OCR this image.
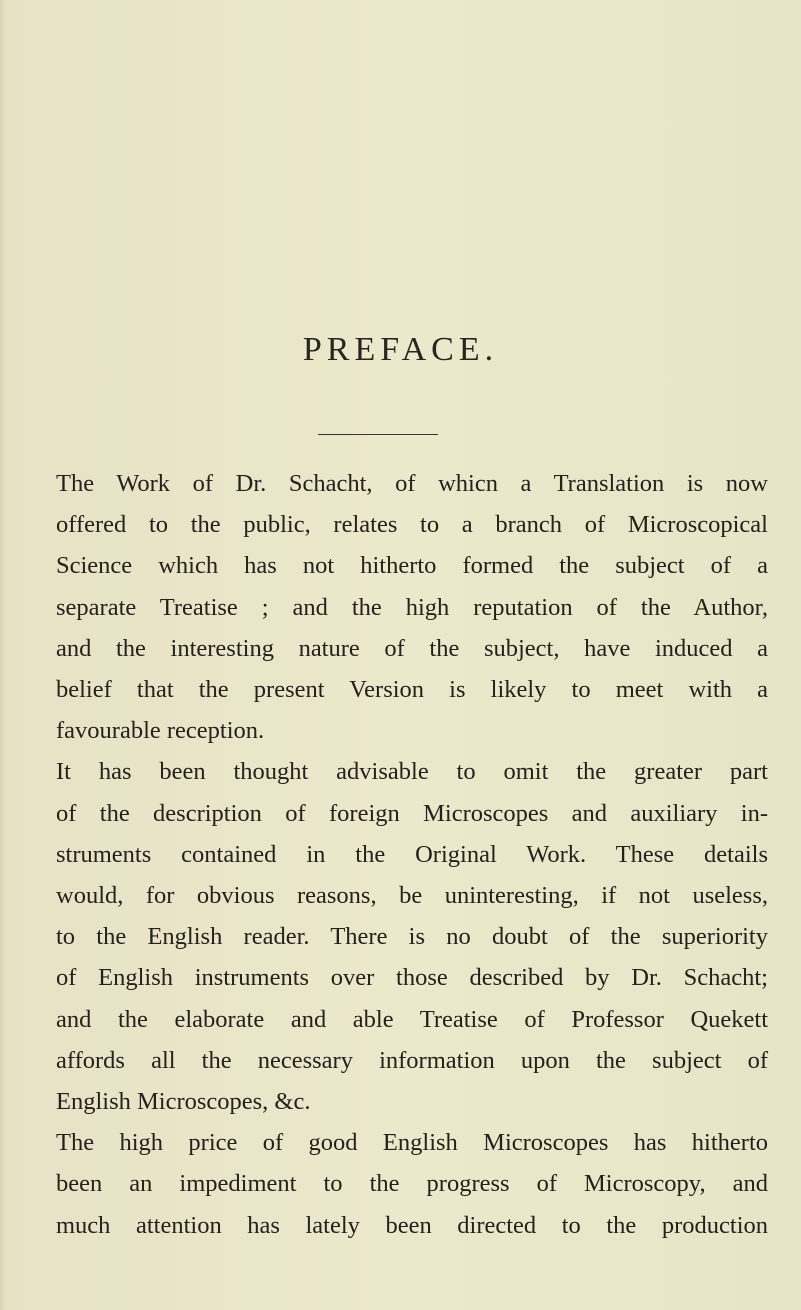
PREFACE.
The Work of Dr. Schacht, of whicn a Translation is now
offered to the public, relates to a branch of Microscopical
Science which has not hitherto formed the subject of a
separate Treatise ; and the high reputation of the Author,
and the interesting nature of the subject, have induced a
belief that the present Version is likely to meet with a
favourable reception.
It has been thought advisable to omit the greater part
of the description of foreign Microscopes and auxiliary in-
struments contained in the Original Work. These details
would, for obvious reasons, be uninteresting, if not useless,
to the English reader. There is no doubt of the superiority
of English instruments over those described by Dr. Schacht;
and the elaborate and able Treatise of Professor Quekett
affords all the necessary information upon the subject of
English Microscopes, &c.
The high price of good English Microscopes has hitherto
been an impediment to the progress of Microscopy, and
much attention has lately been directed to the production
